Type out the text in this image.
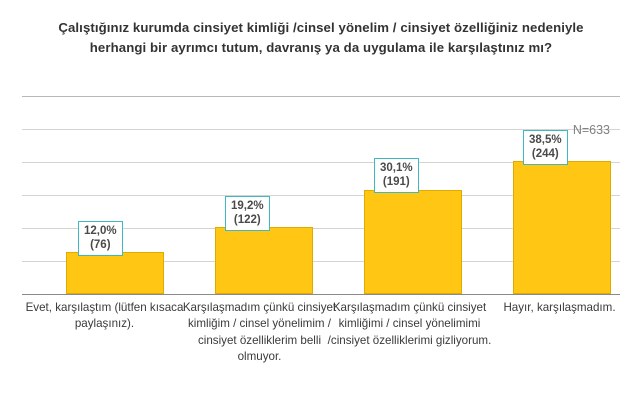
Çalıştığınız kurumda cinsiyet kimliği /cinsel yönelim / cinsiyet özelliğiniz nedeniyle herhangi bir ayrımcı tutum, davranış ya da uygulama ile karşılaştınız mı?
N=633
12,0%
(76)
19,2%
(122)
30,1%
(191)
38,5%
(244)
Evet, karşılaştım (lütfen kısaca paylaşınız).
Karşılaşmadım çünkü cinsiyet kimliğim / cinsel yönelimim / cinsiyet özelliklerim belli olmuyor.
Karşılaşmadım çünkü cinsiyet kimliğimi / cinsel yönelimimi /cinsiyet özelliklerimi gizliyorum.
Hayır, karşılaşmadım.
